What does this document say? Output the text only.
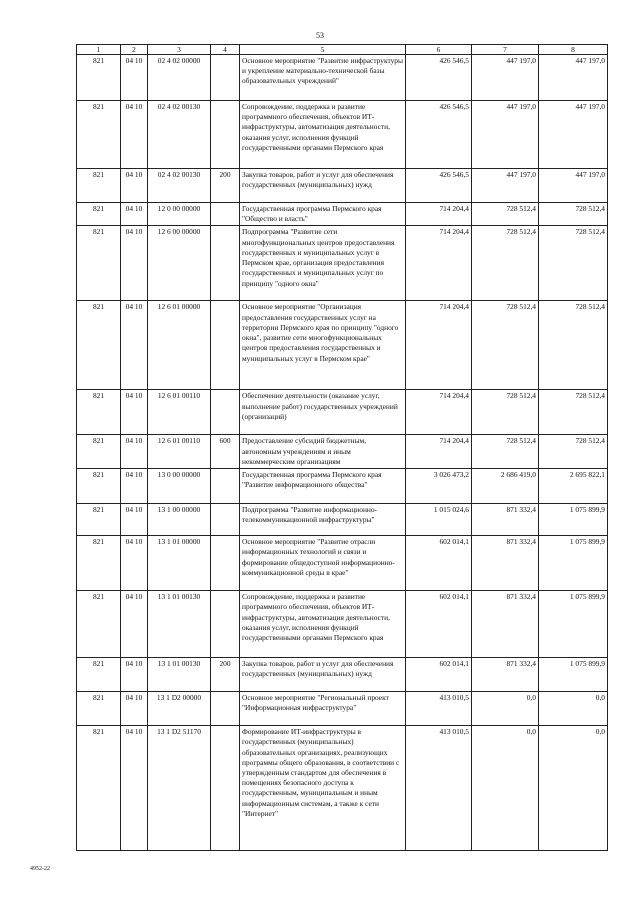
53
1	2	3	4	5	6	7	8
821	04 10	02 4 02 00000		Основное мероприятие "Развитие инфраструктуры и укрепление материально-технической базы образовательных учреждений"	426 546,5	447 197,0	447 197,0
821	04 10	02 4 02 00130		Сопровождение, поддержка и развитие программного обеспечения, объектов ИТ-инфраструктуры, автоматизация деятельности, оказания услуг, исполнения функций государственными органами Пермского края	426 546,5	447 197,0	447 197,0
821	04 10	02 4 02 00130	200	Закупка товаров, работ и услуг для обеспечения государственных (муниципальных) нужд	426 546,5	447 197,0	447 197,0
821	04 10	12 0 00 00000		Государственная программа Пермского края "Общество и власть"	714 204,4	728 512,4	728 512,4
821	04 10	12 6 00 00000		Подпрограмма "Развитие сети многофункциональных центров предоставления государственных и муниципальных услуг в Пермском крае, организация предоставления государственных и муниципальных услуг по принципу "одного окна"	714 204,4	728 512,4	728 512,4
821	04 10	12 6 01 00000		Основное мероприятие "Организация предоставления государственных услуг на территории Пермского края по принципу "одного окна", развитие сети многофункциональных центров предоставления государственных и муниципальных услуг в Пермском крае"	714 204,4	728 512,4	728 512,4
821	04 10	12 6 01 00110		Обеспечение деятельности (оказание услуг, выполнение работ) государственных учреждений (организаций)	714 204,4	728 512,4	728 512,4
821	04 10	12 6 01 00110	600	Предоставление субсидий бюджетным, автономным учреждениям и иным некоммерческим организациям	714 204,4	728 512,4	728 512,4
821	04 10	13 0 00 00000		Государственная программа Пермского края "Развитие информационного общества"	3 026 473,2	2 686 419,0	2 695 822,1
821	04 10	13 1 00 00000		Подпрограмма "Развитие информационно-телекоммуникационной инфраструктуры"	1 015 024,6	871 332,4	1 075 899,9
821	04 10	13 1 01 00000		Основное мероприятие "Развитие отрасли информационных технологий и связи и формирование общедоступной информационно-коммуникационной среды в крае"	602 014,1	871 332,4	1 075 899,9
821	04 10	13 1 01 00130		Сопровождение, поддержка и развитие программного обеспечения, объектов ИТ-инфраструктуры, автоматизация деятельности, оказания услуг, исполнения функций государственными органами Пермского края	602 014,1	871 332,4	1 075 899,9
821	04 10	13 1 01 00130	200	Закупка товаров, работ и услуг для обеспечения государственных (муниципальных) нужд	602 014,1	871 332,4	1 075 899,9
821	04 10	13 1 D2 00000		Основное мероприятие "Региональный проект "Информационная инфраструктура"	413 010,5	0,0	0,0
821	04 10	13 1 D2 51170		Формирование ИТ-инфраструктуры в государственных (муниципальных) образовательных организациях, реализующих программы общего образования, в соответствии с утвержденным стандартом для обеспечения в помещениях безопасного доступа к государственным, муниципальным и иным информационным системам, а также к сети "Интернет"	413 010,5	0,0	0,0
4952-22
